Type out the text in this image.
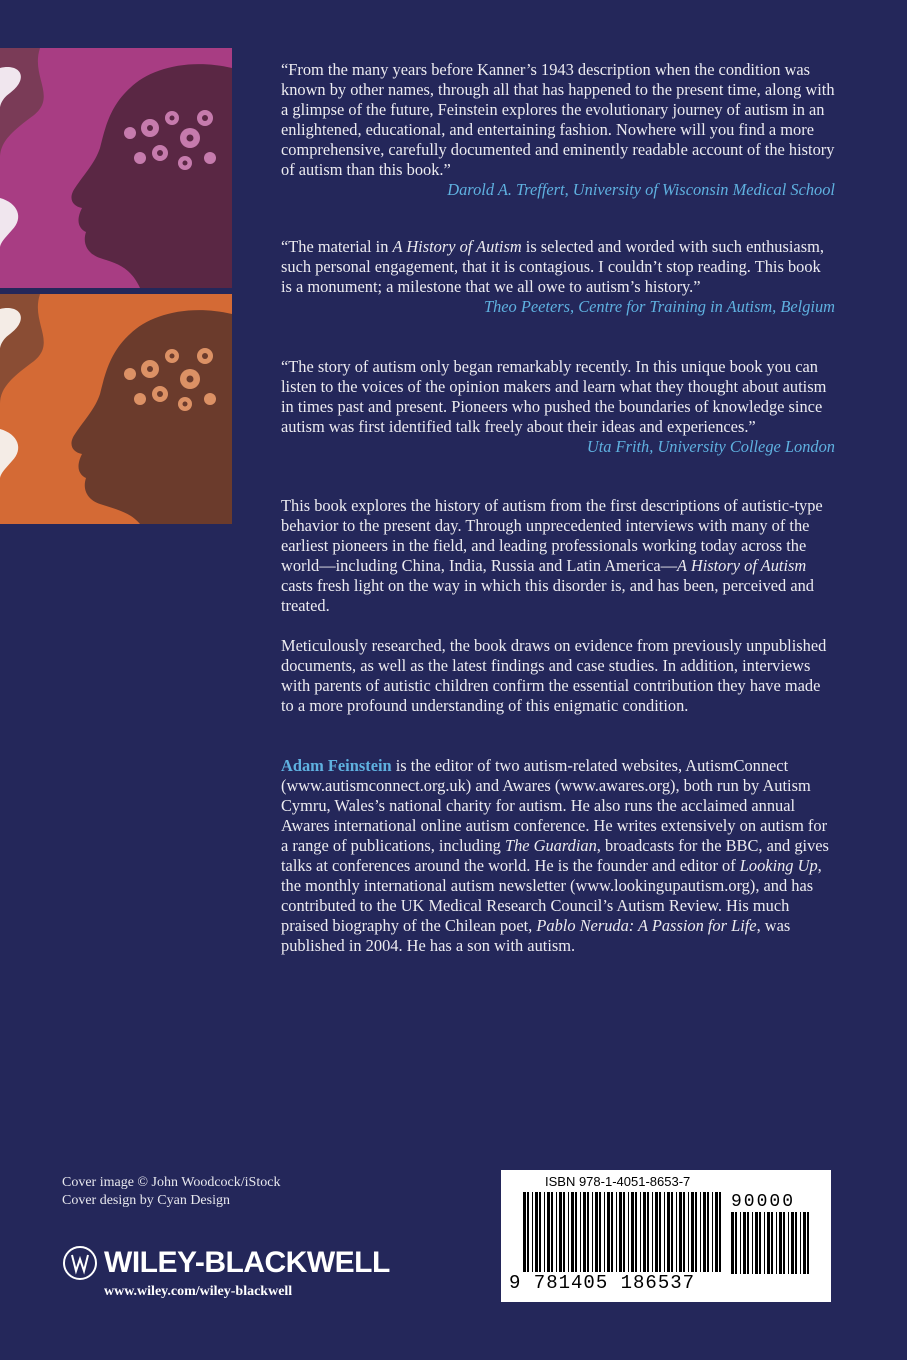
“From the many years before Kanner’s 1943 description when the condition was known by other names, through all that has happened to the present time, along with a glimpse of the future, Feinstein explores the evolutionary journey of autism in an enlightened, educational, and entertaining fashion. Nowhere will you find a more comprehensive, carefully documented and eminently readable account of the history of autism than this book.”

Darold A. Treffert, University of Wisconsin Medical School

“The material in A History of Autism is selected and worded with such enthusiasm, such personal engagement, that it is contagious. I couldn’t stop reading. This book is a monument; a milestone that we all owe to autism’s history.”

Theo Peeters, Centre for Training in Autism, Belgium

“The story of autism only began remarkably recently. In this unique book you can listen to the voices of the opinion makers and learn what they thought about autism in times past and present. Pioneers who pushed the boundaries of knowledge since autism was first identified talk freely about their ideas and experiences.”

Uta Frith, University College London

This book explores the history of autism from the first descriptions of autistic-type behavior to the present day. Through unprecedented interviews with many of the earliest pioneers in the field, and leading professionals working today across the world—including China, India, Russia and Latin America—A History of Autism casts fresh light on the way in which this disorder is, and has been, perceived and treated.

Meticulously researched, the book draws on evidence from previously unpublished documents, as well as the latest findings and case studies. In addition, interviews with parents of autistic children confirm the essential contribution they have made to a more profound understanding of this enigmatic condition.

Adam Feinstein is the editor of two autism-related websites, AutismConnect (www.autismconnect.org.uk) and Awares (www.awares.org), both run by Autism Cymru, Wales’s national charity for autism. He also runs the acclaimed annual Awares international online autism conference. He writes extensively on autism for a range of publications, including The Guardian, broadcasts for the BBC, and gives talks at conferences around the world. He is the founder and editor of Looking Up, the monthly international autism newsletter (www.lookingupautism.org), and has contributed to the UK Medical Research Council’s Autism Review. His much praised biography of the Chilean poet, Pablo Neruda: A Passion for Life, was published in 2004. He has a son with autism.

Cover image © John Woodcock/iStock
Cover design by Cyan Design
WILEY-BLACKWELL
www.wiley.com/wiley-blackwell
ISBN 978-1-4051-8653-7
90000
9 781405 186537
